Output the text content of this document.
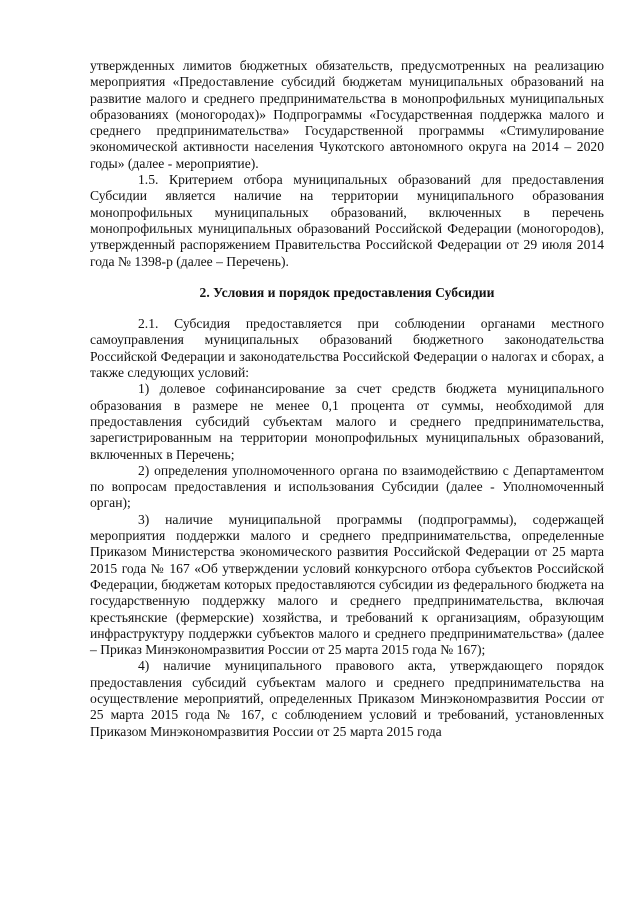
утвержденных лимитов бюджетных обязательств, предусмотренных на реализацию мероприятия «Предоставление субсидий бюджетам муниципальных образований на развитие малого и среднего предпринимательства в монопрофильных муниципальных образованиях (моногородах)» Подпрограммы «Государственная поддержка малого и среднего предпринимательства» Государственной программы «Стимулирование экономической активности населения Чукотского автономного округа на 2014 – 2020 годы» (далее - мероприятие).

1.5. Критерием отбора муниципальных образований для предоставления Субсидии является наличие на территории муниципального образования монопрофильных муниципальных образований, включенных в перечень монопрофильных муниципальных образований Российской Федерации (моногородов), утвержденный распоряжением Правительства Российской Федерации от 29 июля 2014 года № 1398-р (далее – Перечень).

2. Условия и порядок предоставления Субсидии

2.1. Субсидия предоставляется при соблюдении органами местного самоуправления муниципальных образований бюджетного законодательства Российской Федерации и законодательства Российской Федерации о налогах и сборах, а также следующих условий:

1) долевое софинансирование за счет средств бюджета муниципального образования в размере не менее 0,1 процента от суммы, необходимой для предоставления субсидий субъектам малого и среднего предпринимательства, зарегистрированным на территории монопрофильных муниципальных образований, включенных в Перечень;

2) определения уполномоченного органа по взаимодействию с Департаментом по вопросам предоставления и использования Субсидии (далее - Уполномоченный орган);

3) наличие муниципальной программы (подпрограммы), содержащей мероприятия поддержки малого и среднего предпринимательства, определенные Приказом Министерства экономического развития Российской Федерации от 25 марта 2015 года № 167 «Об утверждении условий конкурсного отбора субъектов Российской Федерации, бюджетам которых предоставляются субсидии из федерального бюджета на государственную поддержку малого и среднего предпринимательства, включая крестьянские (фермерские) хозяйства, и требований к организациям, образующим инфраструктуру поддержки субъектов малого и среднего предпринимательства» (далее – Приказ Минэкономразвития России от 25 марта 2015 года № 167);

4) наличие муниципального правового акта, утверждающего порядок предоставления субсидий субъектам малого и среднего предпринимательства на осуществление мероприятий, определенных Приказом Минэкономразвития России от 25 марта 2015 года № 167, с соблюдением условий и требований, установленных Приказом Минэкономразвития России от 25 марта 2015 года
